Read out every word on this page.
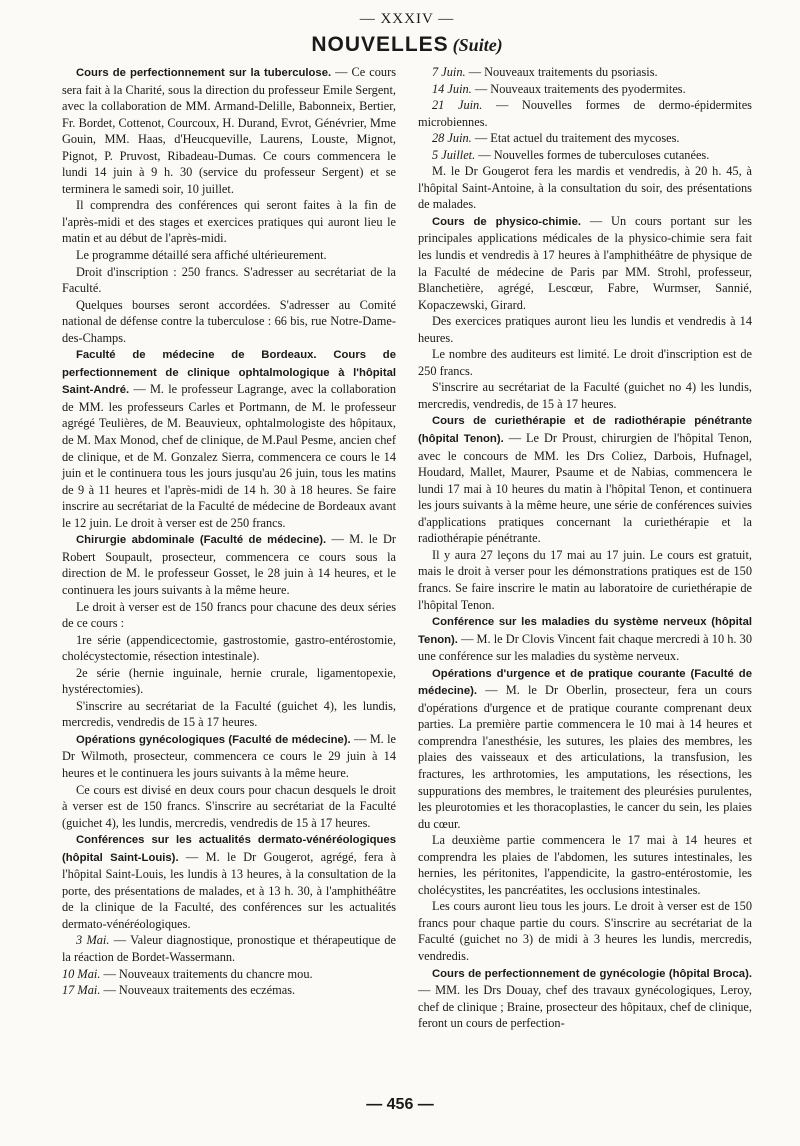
— XXXIV —
NOUVELLES (Suite)

Cours de perfectionnement sur la tuberculose. — Ce cours sera fait à la Charité, sous la direction du professeur Emile Sergent, avec la collaboration de MM. Armand-Delille, Babonneix, Bertier, Fr. Bordet, Cottenot, Courcoux, H. Durand, Evrot, Génévrier, Mme Gouin, MM. Haas, d'Heucqueville, Laurens, Louste, Mignot, Pignot, P. Pruvost, Ribadeau-Dumas. Ce cours commencera le lundi 14 juin à 9 h. 30 (service du professeur Sergent) et se terminera le samedi soir, 10 juillet.

Il comprendra des conférences qui seront faites à la fin de l'après-midi et des stages et exercices pratiques qui auront lieu le matin et au début de l'après-midi.

Le programme détaillé sera affiché ultérieurement.

Droit d'inscription : 250 francs. S'adresser au secrétariat de la Faculté.

Quelques bourses seront accordées. S'adresser au Comité national de défense contre la tuberculose : 66 bis, rue Notre-Dame-des-Champs.

Faculté de médecine de Bordeaux. Cours de perfectionnement de clinique ophtalmologique à l'hôpital Saint-André. — M. le professeur Lagrange, avec la collaboration de MM. les professeurs Carles et Portmann, de M. le professeur agrégé Teulières, de M. Beauvieux, ophtalmologiste des hôpitaux, de M. Max Monod, chef de clinique, de M.Paul Pesme, ancien chef de clinique, et de M. Gonzalez Sierra, commencera ce cours le 14 juin et le continuera tous les jours jusqu'au 26 juin, tous les matins de 9 à 11 heures et l'après-midi de 14 h. 30 à 18 heures. Se faire inscrire au secrétariat de la Faculté de médecine de Bordeaux avant le 12 juin. Le droit à verser est de 250 francs.

Chirurgie abdominale (Faculté de médecine). — M. le Dr Robert Soupault, prosecteur, commencera ce cours sous la direction de M. le professeur Gosset, le 28 juin à 14 heures, et le continuera les jours suivants à la même heure.

Le droit à verser est de 150 francs pour chacune des deux séries de ce cours :

1re série (appendicectomie, gastrostomie, gastro-entérostomie, cholécystectomie, résection intestinale).

2e série (hernie inguinale, hernie crurale, ligamentopexie, hystérectomies).

S'inscrire au secrétariat de la Faculté (guichet 4), les lundis, mercredis, vendredis de 15 à 17 heures.

Opérations gynécologiques (Faculté de médecine). — M. le Dr Wilmoth, prosecteur, commencera ce cours le 29 juin à 14 heures et le continuera les jours suivants à la même heure.

Ce cours est divisé en deux cours pour chacun desquels le droit à verser est de 150 francs. S'inscrire au secrétariat de la Faculté (guichet 4), les lundis, mercredis, vendredis de 15 à 17 heures.

Conférences sur les actualités dermato-vénéréologiques (hôpital Saint-Louis). — M. le Dr Gougerot, agrégé, fera à l'hôpital Saint-Louis, les lundis à 13 heures, à la consultation de la porte, des présentations de malades, et à 13 h. 30, à l'amphithéâtre de la clinique de la Faculté, des conférences sur les actualités dermato-vénéréologiques.

3 Mai. — Valeur diagnostique, pronostique et thérapeutique de la réaction de Bordet-Wassermann.

10 Mai. — Nouveaux traitements du chancre mou.

17 Mai. — Nouveaux traitements des eczémas.

7 Juin. — Nouveaux traitements du psoriasis.

14 Juin. — Nouveaux traitements des pyodermites.

21 Juin. — Nouvelles formes de dermo-épidermites microbiennes.

28 Juin. — Etat actuel du traitement des mycoses.

5 Juillet. — Nouvelles formes de tuberculoses cutanées.

M. le Dr Gougerot fera les mardis et vendredis, à 20 h. 45, à l'hôpital Saint-Antoine, à la consultation du soir, des présentations de malades.

Cours de physico-chimie. — Un cours portant sur les principales applications médicales de la physico-chimie sera fait les lundis et vendredis à 17 heures à l'amphithéâtre de physique de la Faculté de médecine de Paris par MM. Strohl, professeur, Blanchetière, agrégé, Lescœur, Fabre, Wurmser, Sannié, Kopaczewski, Girard.

Des exercices pratiques auront lieu les lundis et vendredis à 14 heures.

Le nombre des auditeurs est limité. Le droit d'inscription est de 250 francs.

S'inscrire au secrétariat de la Faculté (guichet no 4) les lundis, mercredis, vendredis, de 15 à 17 heures.

Cours de curiethérapie et de radiothérapie pénétrante (hôpital Tenon). — Le Dr Proust, chirurgien de l'hôpital Tenon, avec le concours de MM. les Drs Coliez, Darbois, Hufnagel, Houdard, Mallet, Maurer, Psaume et de Nabias, commencera le lundi 17 mai à 10 heures du matin à l'hôpital Tenon, et continuera les jours suivants à la même heure, une série de conférences suivies d'applications pratiques concernant la curiethérapie et la radiothérapie pénétrante.

Il y aura 27 leçons du 17 mai au 17 juin. Le cours est gratuit, mais le droit à verser pour les démonstrations pratiques est de 150 francs. Se faire inscrire le matin au laboratoire de curiethérapie de l'hôpital Tenon.

Conférence sur les maladies du système nerveux (hôpital Tenon). — M. le Dr Clovis Vincent fait chaque mercredi à 10 h. 30 une conférence sur les maladies du système nerveux.

Opérations d'urgence et de pratique courante (Faculté de médecine). — M. le Dr Oberlin, prosecteur, fera un cours d'opérations d'urgence et de pratique courante comprenant deux parties. La première partie commencera le 10 mai à 14 heures et comprendra l'anesthésie, les sutures, les plaies des membres, les plaies des vaisseaux et des articulations, la transfusion, les fractures, les arthrotomies, les amputations, les résections, les suppurations des membres, le traitement des pleurésies purulentes, les pleurotomies et les thoracoplasties, le cancer du sein, les plaies du cœur.

La deuxième partie commencera le 17 mai à 14 heures et comprendra les plaies de l'abdomen, les sutures intestinales, les hernies, les péritonites, l'appendicite, la gastro-entérostomie, les cholécystites, les pancréatites, les occlusions intestinales.

Les cours auront lieu tous les jours. Le droit à verser est de 150 francs pour chaque partie du cours. S'inscrire au secrétariat de la Faculté (guichet no 3) de midi à 3 heures les lundis, mercredis, vendredis.

Cours de perfectionnement de gynécologie (hôpital Broca). — MM. les Drs Douay, chef des travaux gynécologiques, Leroy, chef de clinique ; Braine, prosecteur des hôpitaux, chef de clinique, feront un cours de perfection-

— 456 —
